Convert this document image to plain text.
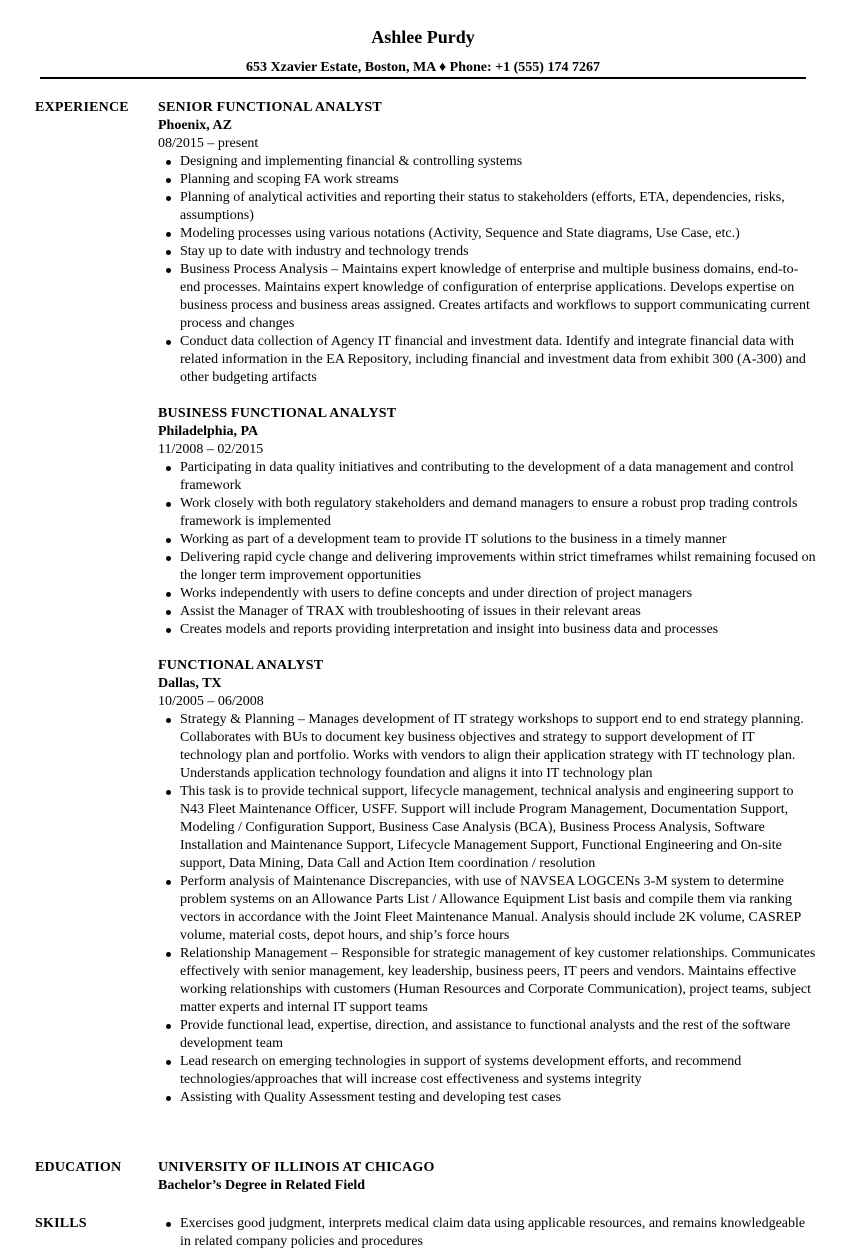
Ashlee Purdy
653 Xzavier Estate, Boston, MA ♦ Phone: +1 (555) 174 7267
EXPERIENCE SENIOR FUNCTIONAL ANALYST
Phoenix, AZ
08/2015 – present
Designing and implementing financial & controlling systems
Planning and scoping FA work streams
Planning of analytical activities and reporting their status to stakeholders (efforts, ETA, dependencies, risks, assumptions)
Modeling processes using various notations (Activity, Sequence and State diagrams, Use Case, etc.)
Stay up to date with industry and technology trends
Business Process Analysis – Maintains expert knowledge of enterprise and multiple business domains, end-to-end processes. Maintains expert knowledge of configuration of enterprise applications. Develops expertise on business process and business areas assigned. Creates artifacts and workflows to support communicating current process and changes
Conduct data collection of Agency IT financial and investment data. Identify and integrate financial data with related information in the EA Repository, including financial and investment data from exhibit 300 (A-300) and other budgeting artifacts
BUSINESS FUNCTIONAL ANALYST
Philadelphia, PA
11/2008 – 02/2015
Participating in data quality initiatives and contributing to the development of a data management and control framework
Work closely with both regulatory stakeholders and demand managers to ensure a robust prop trading controls framework is implemented
Working as part of a development team to provide IT solutions to the business in a timely manner
Delivering rapid cycle change and delivering improvements within strict timeframes whilst remaining focused on the longer term improvement opportunities
Works independently with users to define concepts and under direction of project managers
Assist the Manager of TRAX with troubleshooting of issues in their relevant areas
Creates models and reports providing interpretation and insight into business data and processes
FUNCTIONAL ANALYST
Dallas, TX
10/2005 – 06/2008
Strategy & Planning – Manages development of IT strategy workshops to support end to end strategy planning. Collaborates with BUs to document key business objectives and strategy to support development of IT technology plan and portfolio. Works with vendors to align their application strategy with IT technology plan. Understands application technology foundation and aligns it into IT technology plan
This task is to provide technical support, lifecycle management, technical analysis and engineering support to N43 Fleet Maintenance Officer, USFF. Support will include Program Management, Documentation Support, Modeling / Configuration Support, Business Case Analysis (BCA), Business Process Analysis, Software Installation and Maintenance Support, Lifecycle Management Support, Functional Engineering and On-site support, Data Mining, Data Call and Action Item coordination / resolution
Perform analysis of Maintenance Discrepancies, with use of NAVSEA LOGCENs 3-M system to determine problem systems on an Allowance Parts List / Allowance Equipment List basis and compile them via ranking vectors in accordance with the Joint Fleet Maintenance Manual. Analysis should include 2K volume, CASREP volume, material costs, depot hours, and ship’s force hours
Relationship Management – Responsible for strategic management of key customer relationships. Communicates effectively with senior management, key leadership, business peers, IT peers and vendors. Maintains effective working relationships with customers (Human Resources and Corporate Communication), project teams, subject matter experts and internal IT support teams
Provide functional lead, expertise, direction, and assistance to functional analysts and the rest of the software development team
Lead research on emerging technologies in support of systems development efforts, and recommend technologies/approaches that will increase cost effectiveness and systems integrity
Assisting with Quality Assessment testing and developing test cases
EDUCATION	UNIVERSITY OF ILLINOIS AT CHICAGO
Bachelor’s Degree in Related Field
SKILLS	Exercises good judgment, interprets medical claim data using applicable resources, and remains knowledgeable in related company policies and procedures
